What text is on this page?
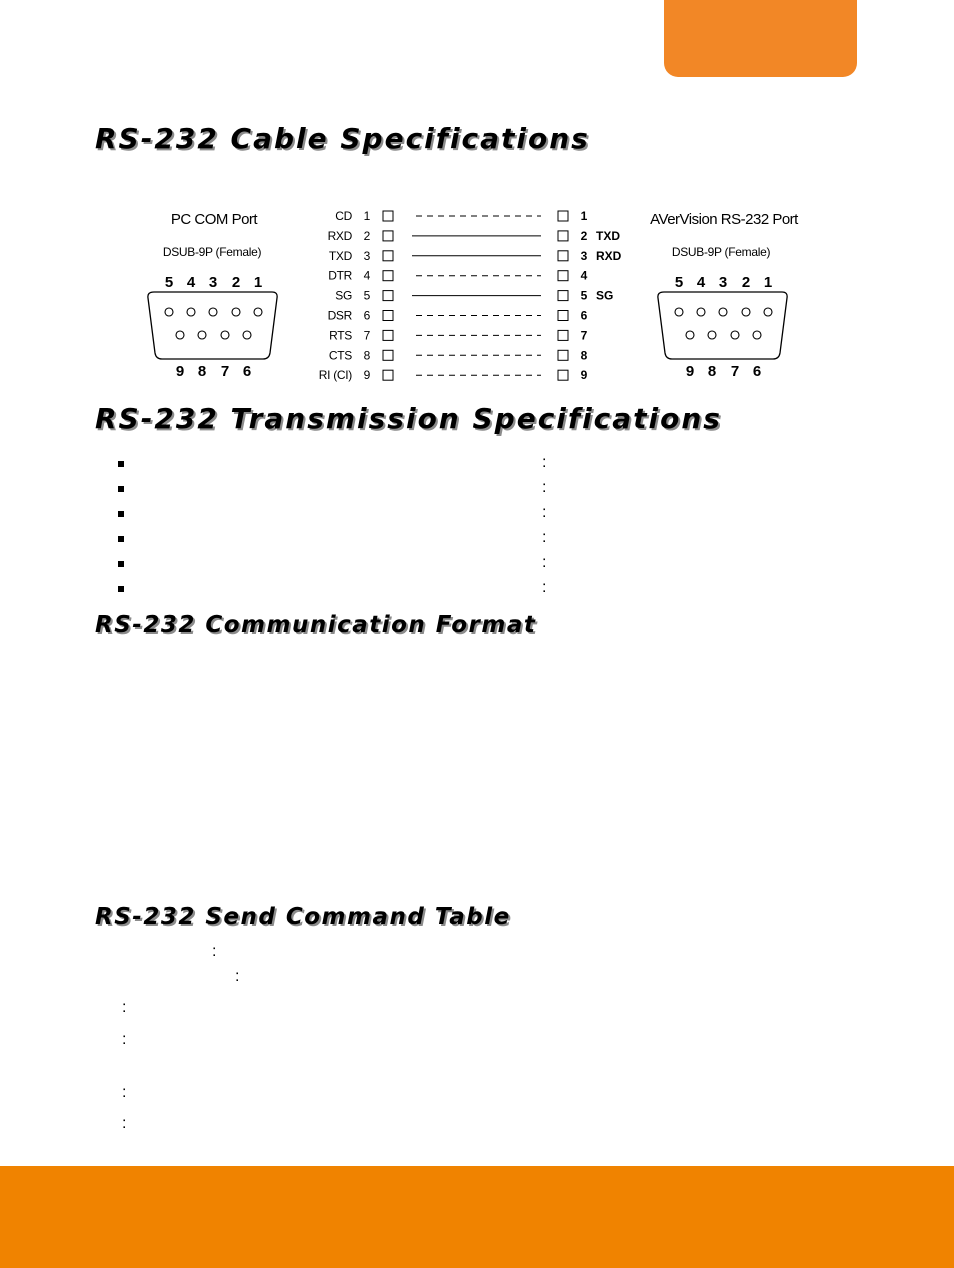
RS-232 Cable Specifications
PC COM Port
DSUB-9P (Female)
5 4 3 2 1
9 8 7 6
AVerVision RS-232 Port
DSUB-9P (Female)
5 4 3 2 1
9 8 7 6
CD 1	1
RXD 2	2 TXD
TXD 3	3 RXD
DTR 4	4
SG 5	5 SG
DSR 6	6
RTS 7	7
CTS 8	8
RI (CI) 9	9
RS-232 Transmission Specifications
:
:
:
:
:
:
RS-232 Communication Format
RS-232 Send Command Table
:
:
:
:
:
:
